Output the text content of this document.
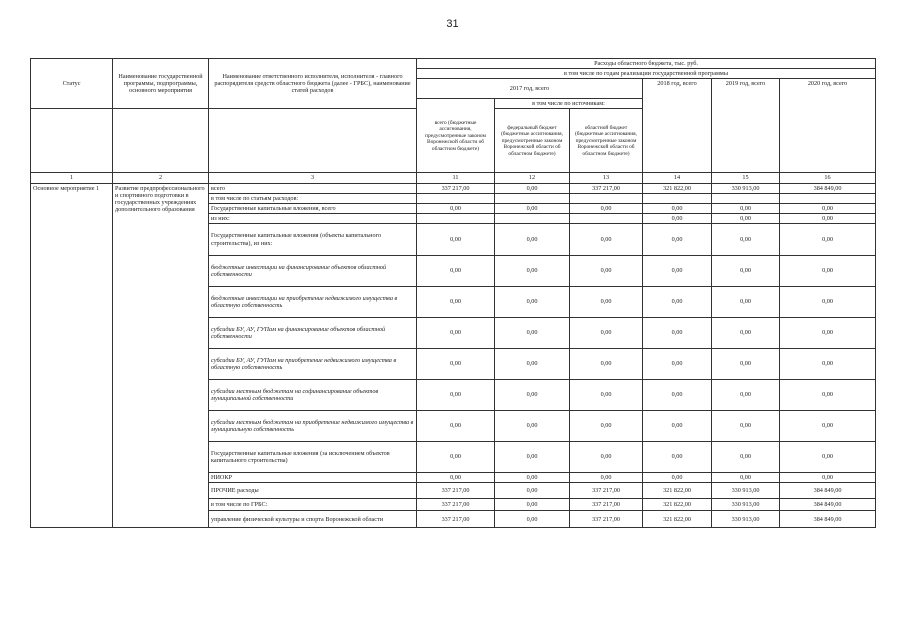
31
Статус	Наименование государственной программы, подпрограммы, основного мероприятия	Наименование ответственного исполнителя, исполнителя - главного распорядителя средств областного бюджета (далее - ГРБС), наименование статей расходов	Расходы областного бюджета, тыс. руб.					
			в том числе по годам реализации государственной программы					
			2017 год, всего			2018 год, всего	2019 год, всего	2020 год, всего
			всего (бюджетные ассигнования, предусмотренные законом Воронежской области об областном бюджете)	в том числе по источникам:				
				федеральный бюджет (бюджетные ассигнования, предусмотренные законом Воронежской области об областном бюджете)	областной бюджет (бюджетные ассигнования, предусмотренные законом Воронежской области об областном бюджете)			
1	2	3	11	12	13	14	15	16
Основное мероприятие 1	Развитие предпрофессионального и спортивного подготовки в государственных учреждениях дополнительного образования	всего	337 217,00	0,00	337 217,00	321 822,00	330 913,00	384 849,00
		в том числе по статьям расходов:						
		Государственные капитальные вложения, всего	0,00	0,00	0,00	0,00	0,00	0,00
		из них:				0,00	0,00	0,00
		Государственные капитальные вложения (объекты капитального строительства), из них:	0,00	0,00	0,00	0,00	0,00	0,00
		бюджетные инвестиции на финансирование объектов областной собственности	0,00	0,00	0,00	0,00	0,00	0,00
		бюджетные инвестиции на приобретение недвижимого имущества в областную собственность	0,00	0,00	0,00	0,00	0,00	0,00
		субсидии БУ, АУ, ГУПам на финансирование объектов областной собственности	0,00	0,00	0,00	0,00	0,00	0,00
		субсидии БУ, АУ, ГУПам на приобретение недвижимого имущества в областную собственность	0,00	0,00	0,00	0,00	0,00	0,00
		субсидии местным бюджетам на софинансирование объектов муниципальной собственности	0,00	0,00	0,00	0,00	0,00	0,00
		субсидии местным бюджетам на приобретение недвижимого имущества в муниципальную собственность	0,00	0,00	0,00	0,00	0,00	0,00
		Государственные капитальные вложения (за исключением объектов капитального строительства)	0,00	0,00	0,00	0,00	0,00	0,00
		НИОКР	0,00	0,00	0,00	0,00	0,00	0,00
		ПРОЧИЕ расходы	337 217,00	0,00	337 217,00	321 822,00	330 913,00	384 849,00
		в том числе по ГРБС:	337 217,00	0,00	337 217,00	321 822,00	330 913,00	384 849,00
		управление физической культуры и спорта Воронежской области	337 217,00	0,00	337 217,00	321 822,00	330 913,00	384 849,00
